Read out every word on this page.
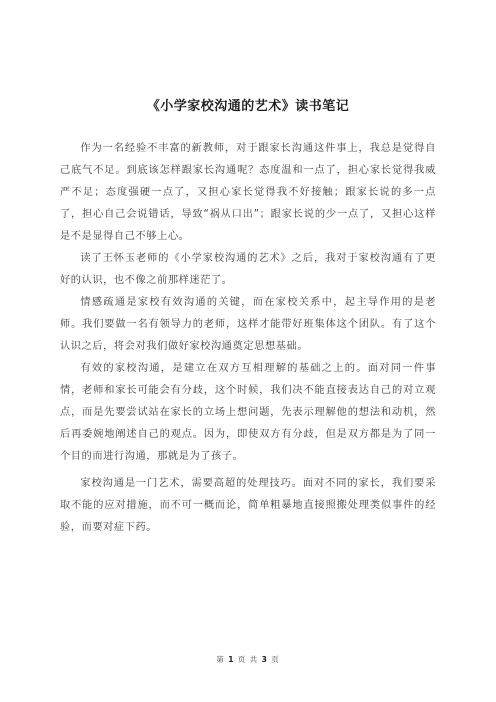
《小学家校沟通的艺术》读书笔记

作为一名经验不丰富的新教师，对于跟家长沟通这件事上，我总是觉得自己底气不足。到底该怎样跟家长沟通呢？态度温和一点了，担心家长觉得我威严不足；态度强硬一点了，又担心家长觉得我不好接触；跟家长说的多一点了，担心自己会说错话，导致“祸从口出”；跟家长说的少一点了，又担心这样是不是显得自己不够上心。

读了王怀玉老师的《小学家校沟通的艺术》之后，我对于家校沟通有了更好的认识，也不像之前那样迷茫了。

情感疏通是家校有效沟通的关键，而在家校关系中，起主导作用的是老师。我们要做一名有领导力的老师，这样才能带好班集体这个团队。有了这个认识之后，将会对我们做好家校沟通奠定思想基础。

有效的家校沟通，是建立在双方互相理解的基础之上的。面对同一件事情，老师和家长可能会有分歧，这个时候，我们决不能直接表达自己的对立观点，而是先要尝试站在家长的立场上想问题，先表示理解他的想法和动机，然后再委婉地阐述自己的观点。因为，即使双方有分歧，但是双方都是为了同一个目的而进行沟通，那就是为了孩子。

家校沟通是一门艺术，需要高超的处理技巧。面对不同的家长，我们要采取不能的应对措施，而不可一概而论，简单粗暴地直接照搬处理类似事件的经验，而要对症下药。

第 1 页 共 3 页
